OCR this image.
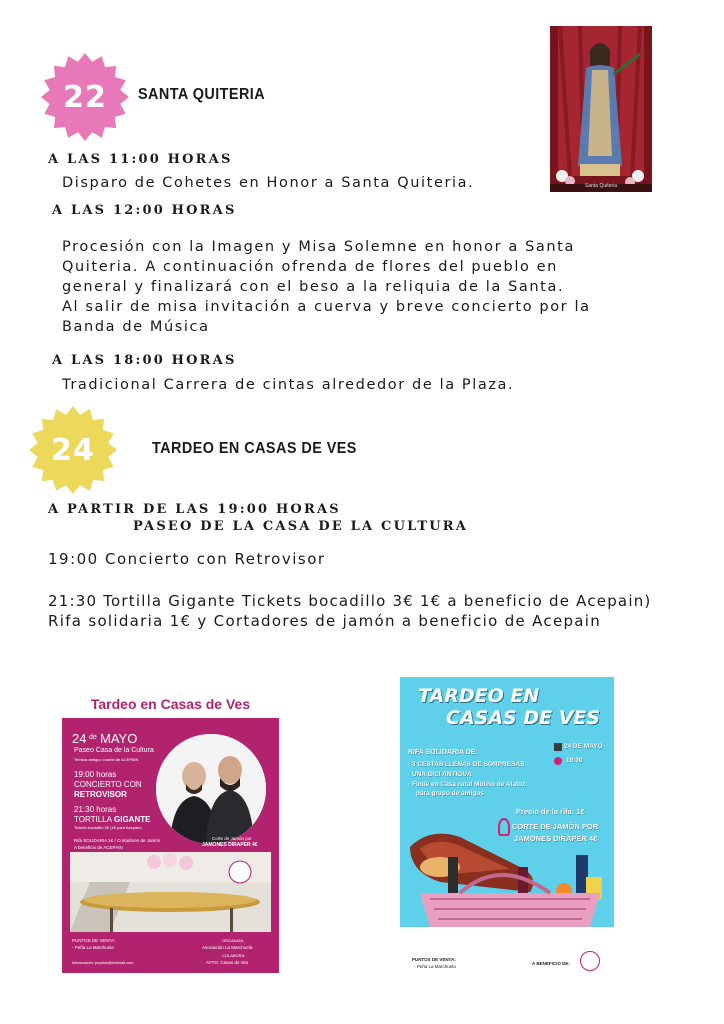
22	SANTA QUITERIA
A LAS 11:00 HORAS
Disparo de Cohetes en Honor a Santa Quiteria.
A LAS 12:00 HORAS
Procesión con la Imagen y Misa Solemne en honor a Santa
Quiteria. A continuación ofrenda de flores del pueblo en
general y finalizará con el beso a la reliquia de la Santa.
Al salir de misa invitación a cuerva y breve concierto por la
Banda de Música
A LAS 18:00 HORAS
Tradicional Carrera de cintas alrededor de la Plaza.
Santa Quiteria
24	TARDEO EN CASAS DE VES
A PARTIR DE LAS 19:00 HORAS
PASEO DE LA CASA DE LA CULTURA
19:00 Concierto con Retrovisor
21:30 Tortilla Gigante Tickets bocadillo 3€ 1€ a beneficio de Acepain)
Rifa solidaria 1€ y Cortadores de jamón a beneficio de Acepain
Tardeo en Casas de Ves
24 de MAYO
Paseo Casa de la Cultura
Terraza antiguo cuartel de ACEPAIN
19:00 horas
CONCIERTO CON
RETROVISOR
21:30 horas
TORTILLA GIGANTE
Tickets bocadillo 3€ (1€ para Acepain)
Corte de Jamón por
JAMONES DIRAPER 4€
Rifa SOLIDARIA 1€ / Cortadores de Jamón
A beneficio de ACEPAIN
PUNTOS DE VENTA:
- Peña La Marchuela
ORGANIZA:
Asociación La Marchuela
COLABORA:
AYTO. Casas de Ves
Información: pepitos@hotmail.com
TARDEO EN
CASAS DE VES
RIFA SOLIDARIA DE:
- 3 CESTAS LLENAS DE SORPRESAS
- UNA BICI ANTIGUA
- Finde en Casa rural Molino de Alatoz
para grupo de amigos
24 DE MAYO
19:00
Precio de la rifa: 1€
CORTE DE JAMÓN POR
JAMONES DIRAPER 4€
PUNTOS DE VENTA:
- Peña La Marchuela
A BENEFICIO DE:
